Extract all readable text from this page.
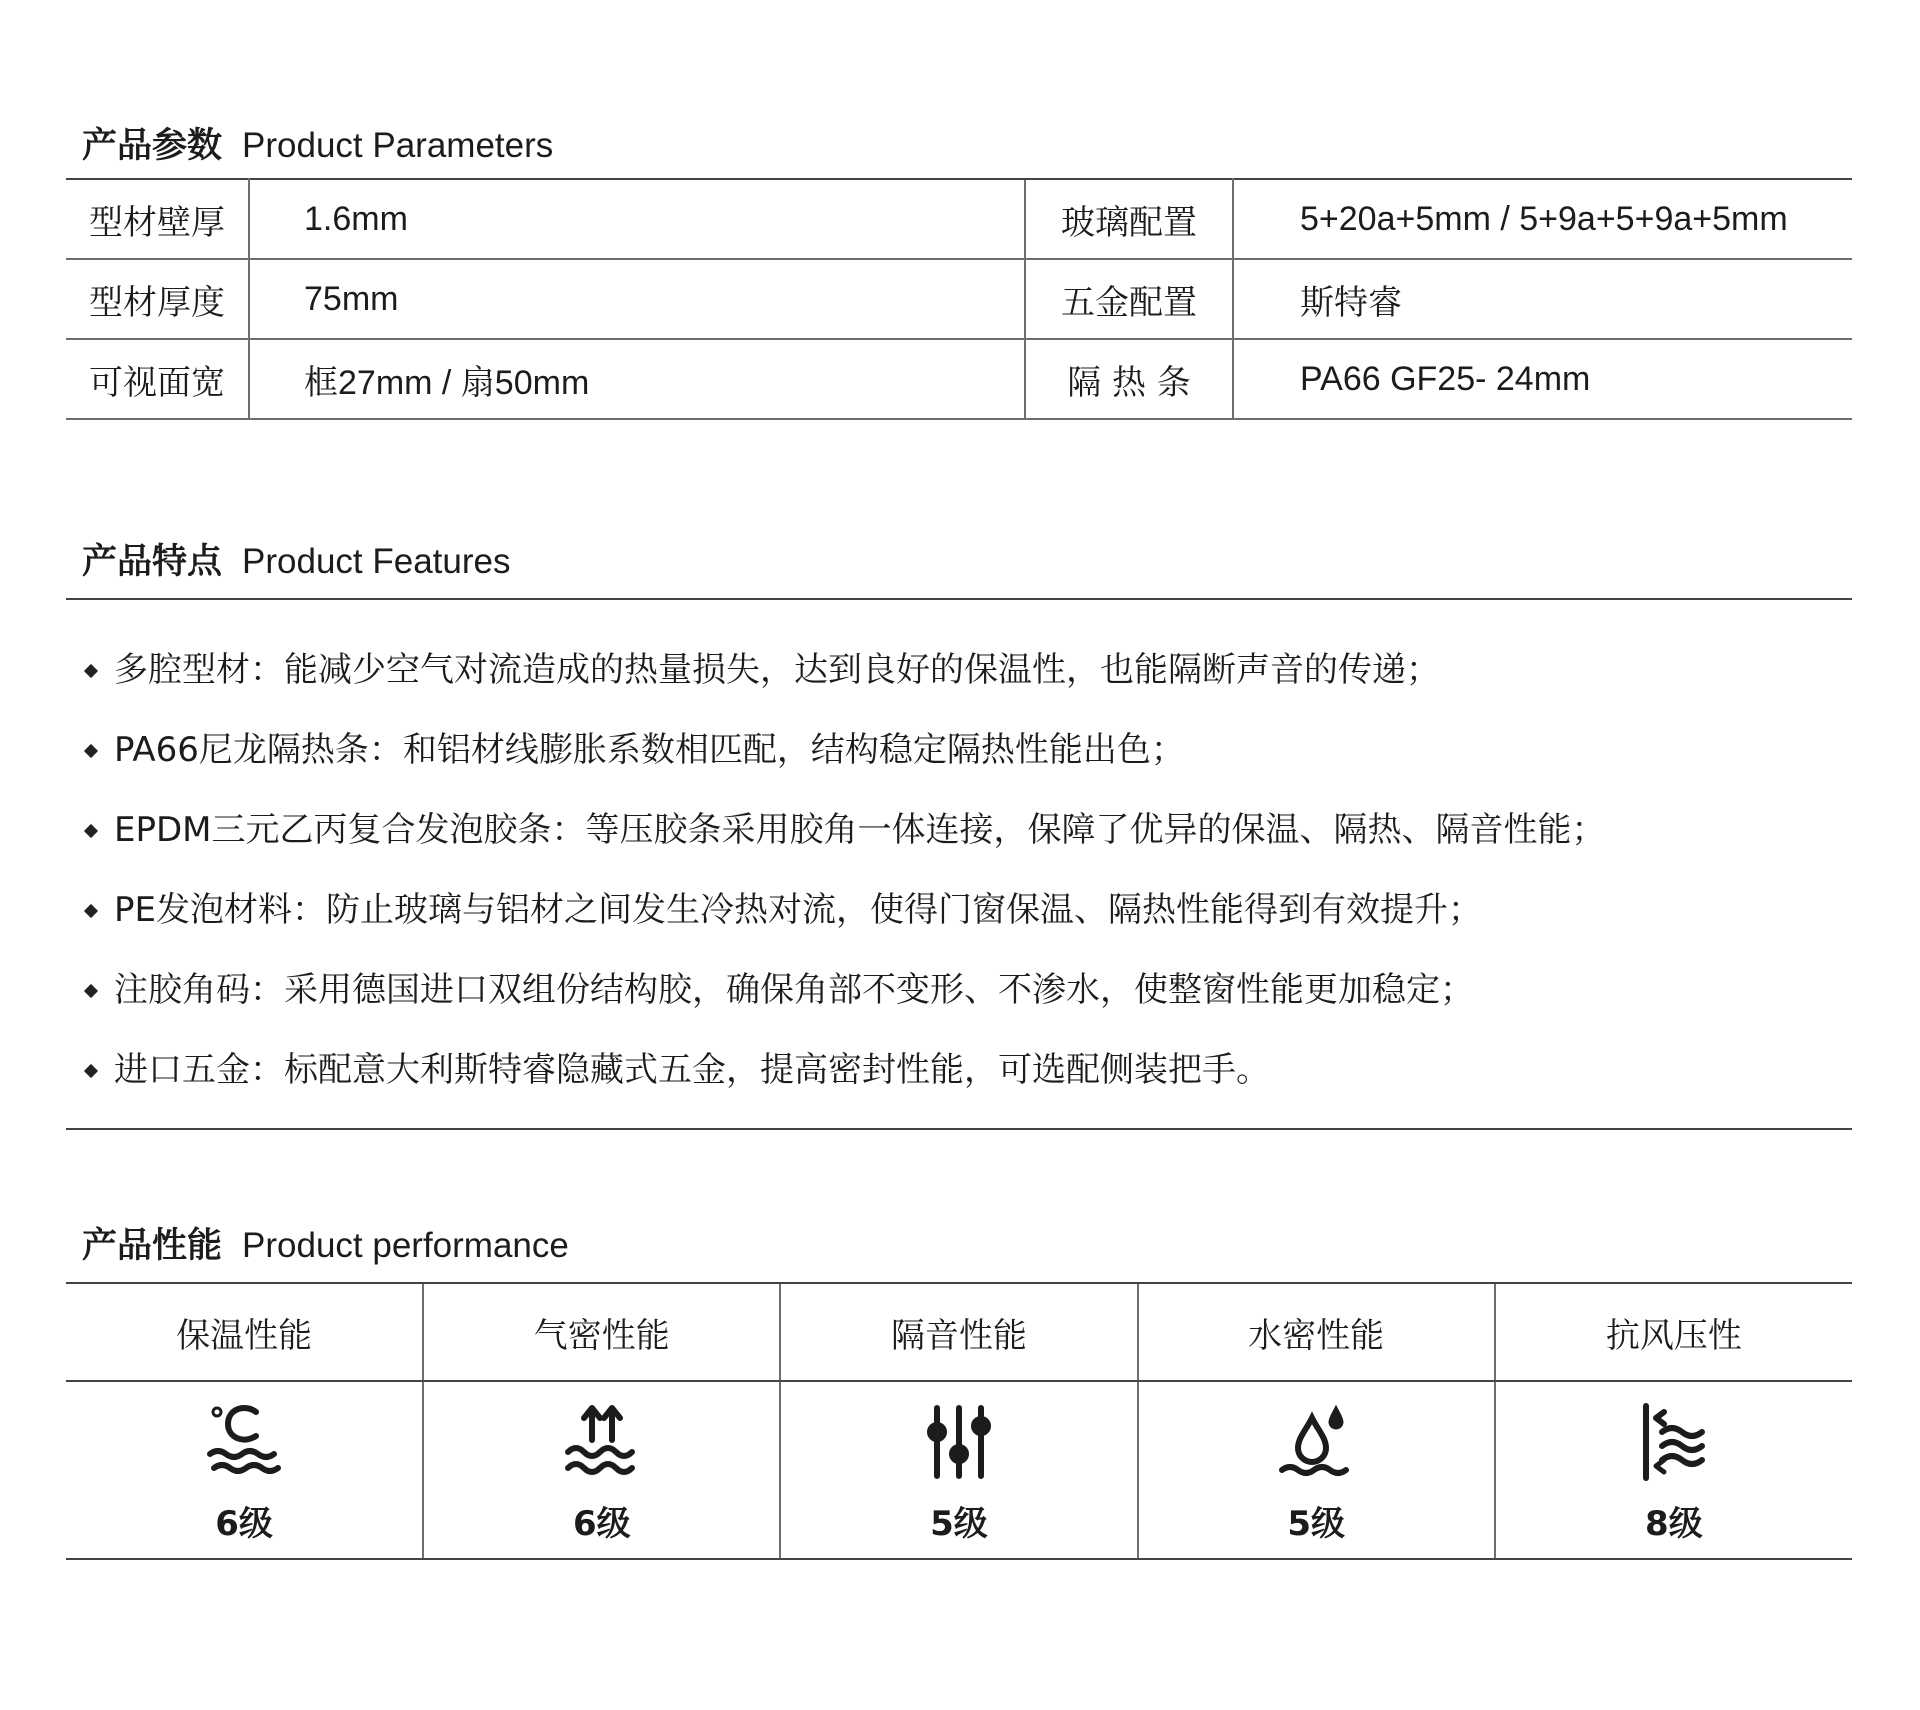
产品参数 Product Parameters
型材壁厚	1.6mm	玻璃配置	5+20a+5mm / 5+9a+5+9a+5mm
型材厚度	75mm	五金配置	斯特睿
可视面宽	框27mm / 扇50mm	隔 热 条	PA66 GF25- 24mm
产品特点 Product Features
多腔型材：能减少空气对流造成的热量损失，达到良好的保温性，也能隔断声音的传递；
PA66尼龙隔热条：和铝材线膨胀系数相匹配，结构稳定隔热性能出色；
EPDM三元乙丙复合发泡胶条：等压胶条采用胶角一体连接，保障了优异的保温、隔热、隔音性能；
PE发泡材料：防止玻璃与铝材之间发生冷热对流，使得门窗保温、隔热性能得到有效提升；
注胶角码：采用德国进口双组份结构胶，确保角部不变形、不渗水，使整窗性能更加稳定；
进口五金：标配意大利斯特睿隐藏式五金，提高密封性能，可选配侧装把手。
产品性能 Product performance
保温性能	气密性能	隔音性能	水密性能	抗风压性

6级	6级	5级	5级	8级
